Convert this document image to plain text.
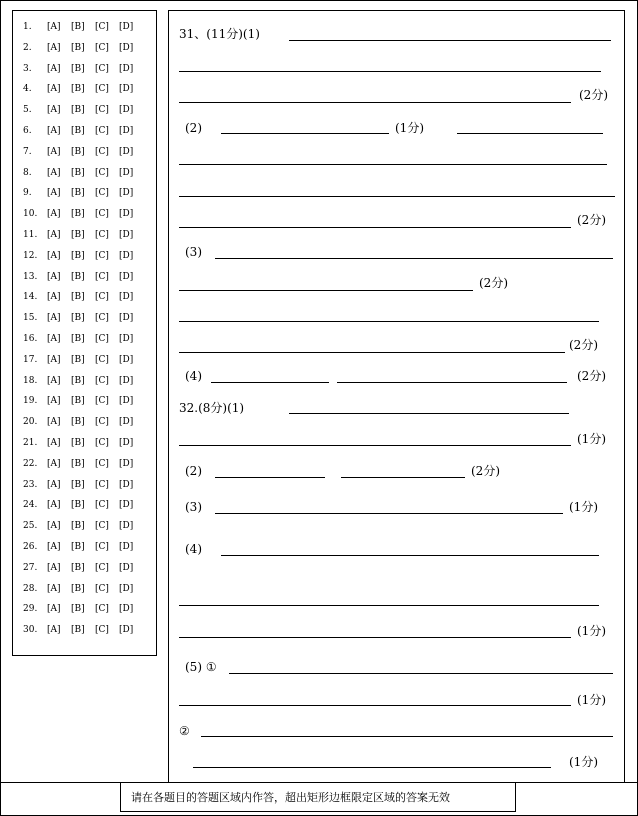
1. [A] [B] [C] [D]
2. [A] [B] [C] [D]
3. [A] [B] [C] [D]
4. [A] [B] [C] [D]
5. [A] [B] [C] [D]
6. [A] [B] [C] [D]
7. [A] [B] [C] [D]
8. [A] [B] [C] [D]
9. [A] [B] [C] [D]
10. [A] [B] [C] [D]
11. [A] [B] [C] [D]
12. [A] [B] [C] [D]
13. [A] [B] [C] [D]
14. [A] [B] [C] [D]
15. [A] [B] [C] [D]
16. [A] [B] [C] [D]
17. [A] [B] [C] [D]
18. [A] [B] [C] [D]
19. [A] [B] [C] [D]
20. [A] [B] [C] [D]
21. [A] [B] [C] [D]
22. [A] [B] [C] [D]
23. [A] [B] [C] [D]
24. [A] [B] [C] [D]
25. [A] [B] [C] [D]
26. [A] [B] [C] [D]
27. [A] [B] [C] [D]
28. [A] [B] [C] [D]
29. [A] [B] [C] [D]
30. [A] [B] [C] [D]
31、(11分)(1)
(2分)
(2)	(1分)
(2分)
(3)
(2分)
(2分)
(4)	(2分)
32.(8分)(1)
(1分)
(2)	(2分)
(3)	(1分)
(4)
(1分)
(5) ①
(1分)
②
(1分)
请在各题目的答题区域内作答，超出矩形边框限定区域的答案无效
